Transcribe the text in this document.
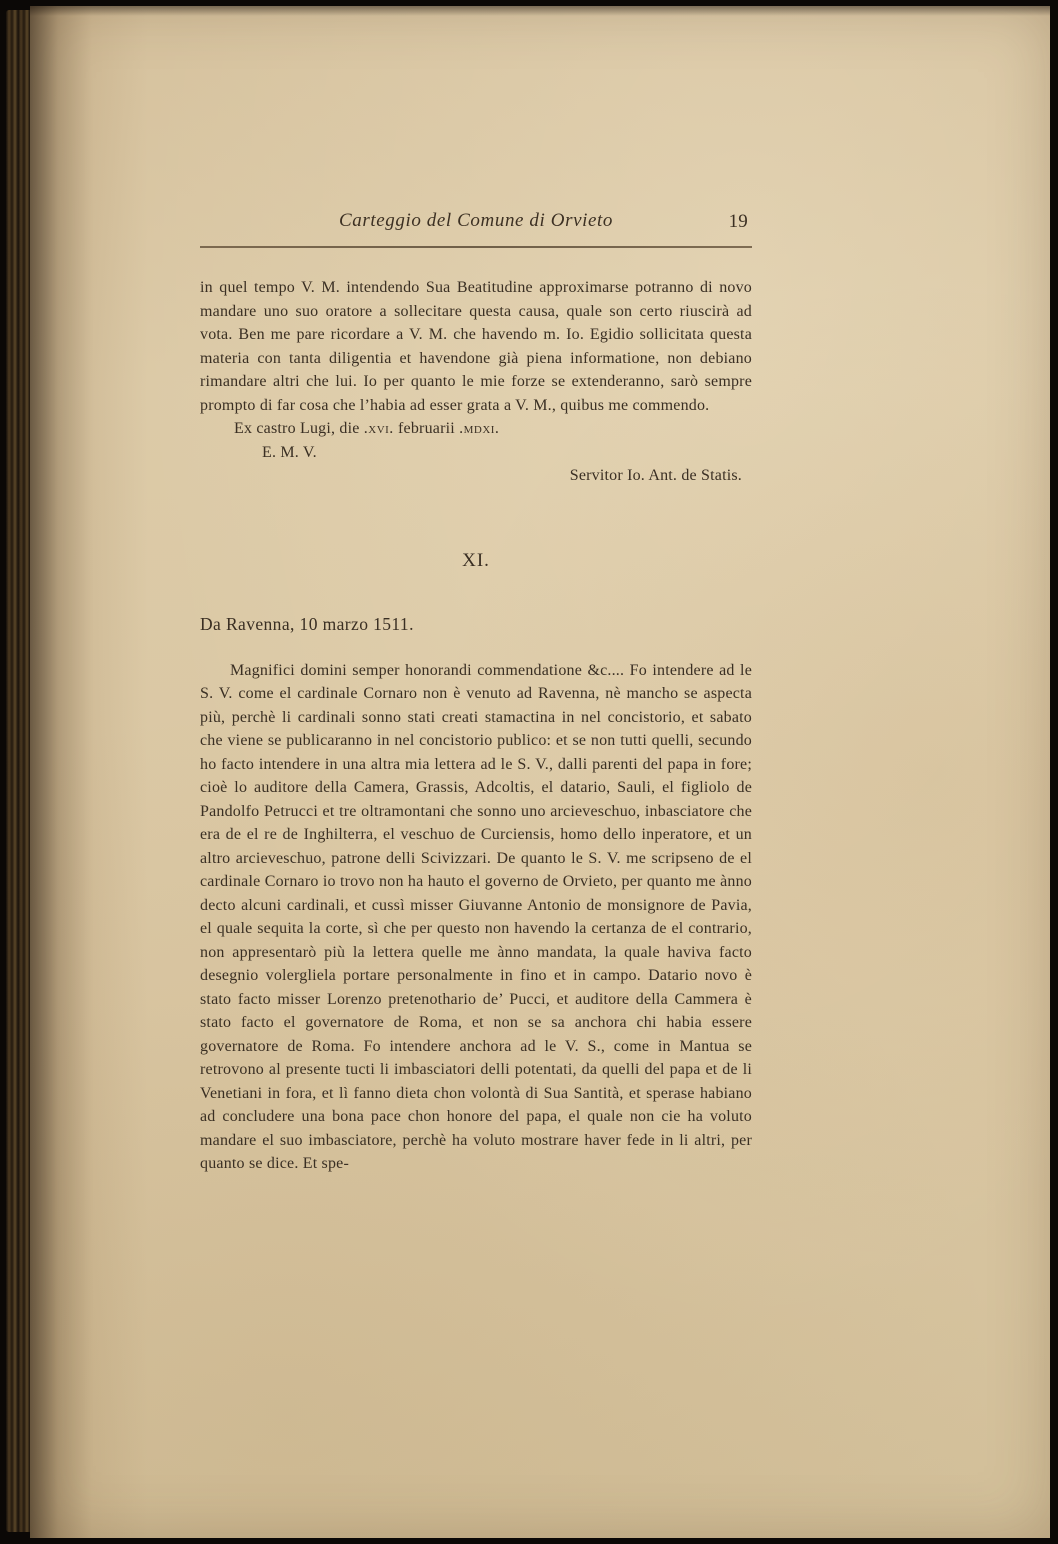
Carteggio del Comune di Orvieto	19

in quel tempo V. M. intendendo Sua Beatitudine approximarse potranno di novo mandare uno suo oratore a sollecitare questa causa, quale son certo riuscirà ad vota. Ben me pare ricordare a V. M. che havendo m. Io. Egidio sollicitata questa materia con tanta diligentia et havendone già piena informatione, non debiano rimandare altri che lui. Io per quanto le mie forze se extenderanno, sarò sempre prompto di far cosa che l’habia ad esser grata a V. M., quibus me commendo.

Ex castro Lugi, die .xvi. februarii .mdxi.

E. M. V.

Servitor Io. Ant. de Statis.

XI.

Da Ravenna, 10 marzo 1511.

Magnifici domini semper honorandi commendatione &c.... Fo intendere ad le S. V. come el cardinale Cornaro non è venuto ad Ravenna, nè mancho se aspecta più, perchè li cardinali sonno stati creati stamactina in nel concistorio, et sabato che viene se publicaranno in nel concistorio publico: et se non tutti quelli, secundo ho facto intendere in una altra mia lettera ad le S. V., dalli parenti del papa in fore; cioè lo auditore della Camera, Grassis, Adcoltis, el datario, Sauli, el figliolo de Pandolfo Petrucci et tre oltramontani che sonno uno arcieveschuo, inbasciatore che era de el re de Inghilterra, el veschuo de Curciensis, homo dello inperatore, et un altro arcieveschuo, patrone delli Scivizzari. De quanto le S. V. me scripseno de el cardinale Cornaro io trovo non ha hauto el governo de Orvieto, per quanto me ànno decto alcuni cardinali, et cussì misser Giuvanne Antonio de monsignore de Pavia, el quale sequita la corte, sì che per questo non havendo la certanza de el contrario, non appresentarò più la lettera quelle me ànno mandata, la quale haviva facto desegnio volergliela portare personalmente in fino et in campo. Datario novo è stato facto misser Lorenzo pretenothario de’ Pucci, et auditore della Cammera è stato facto el governatore de Roma, et non se sa anchora chi habia essere governatore de Roma. Fo intendere anchora ad le V. S., come in Mantua se retrovono al presente tucti li imbasciatori delli potentati, da quelli del papa et de li Venetiani in fora, et lì fanno dieta chon volontà di Sua Santità, et sperase habiano ad concludere una bona pace chon honore del papa, el quale non cie ha voluto mandare el suo imbasciatore, perchè ha voluto mostrare haver fede in li altri, per quanto se dice. Et spe-
